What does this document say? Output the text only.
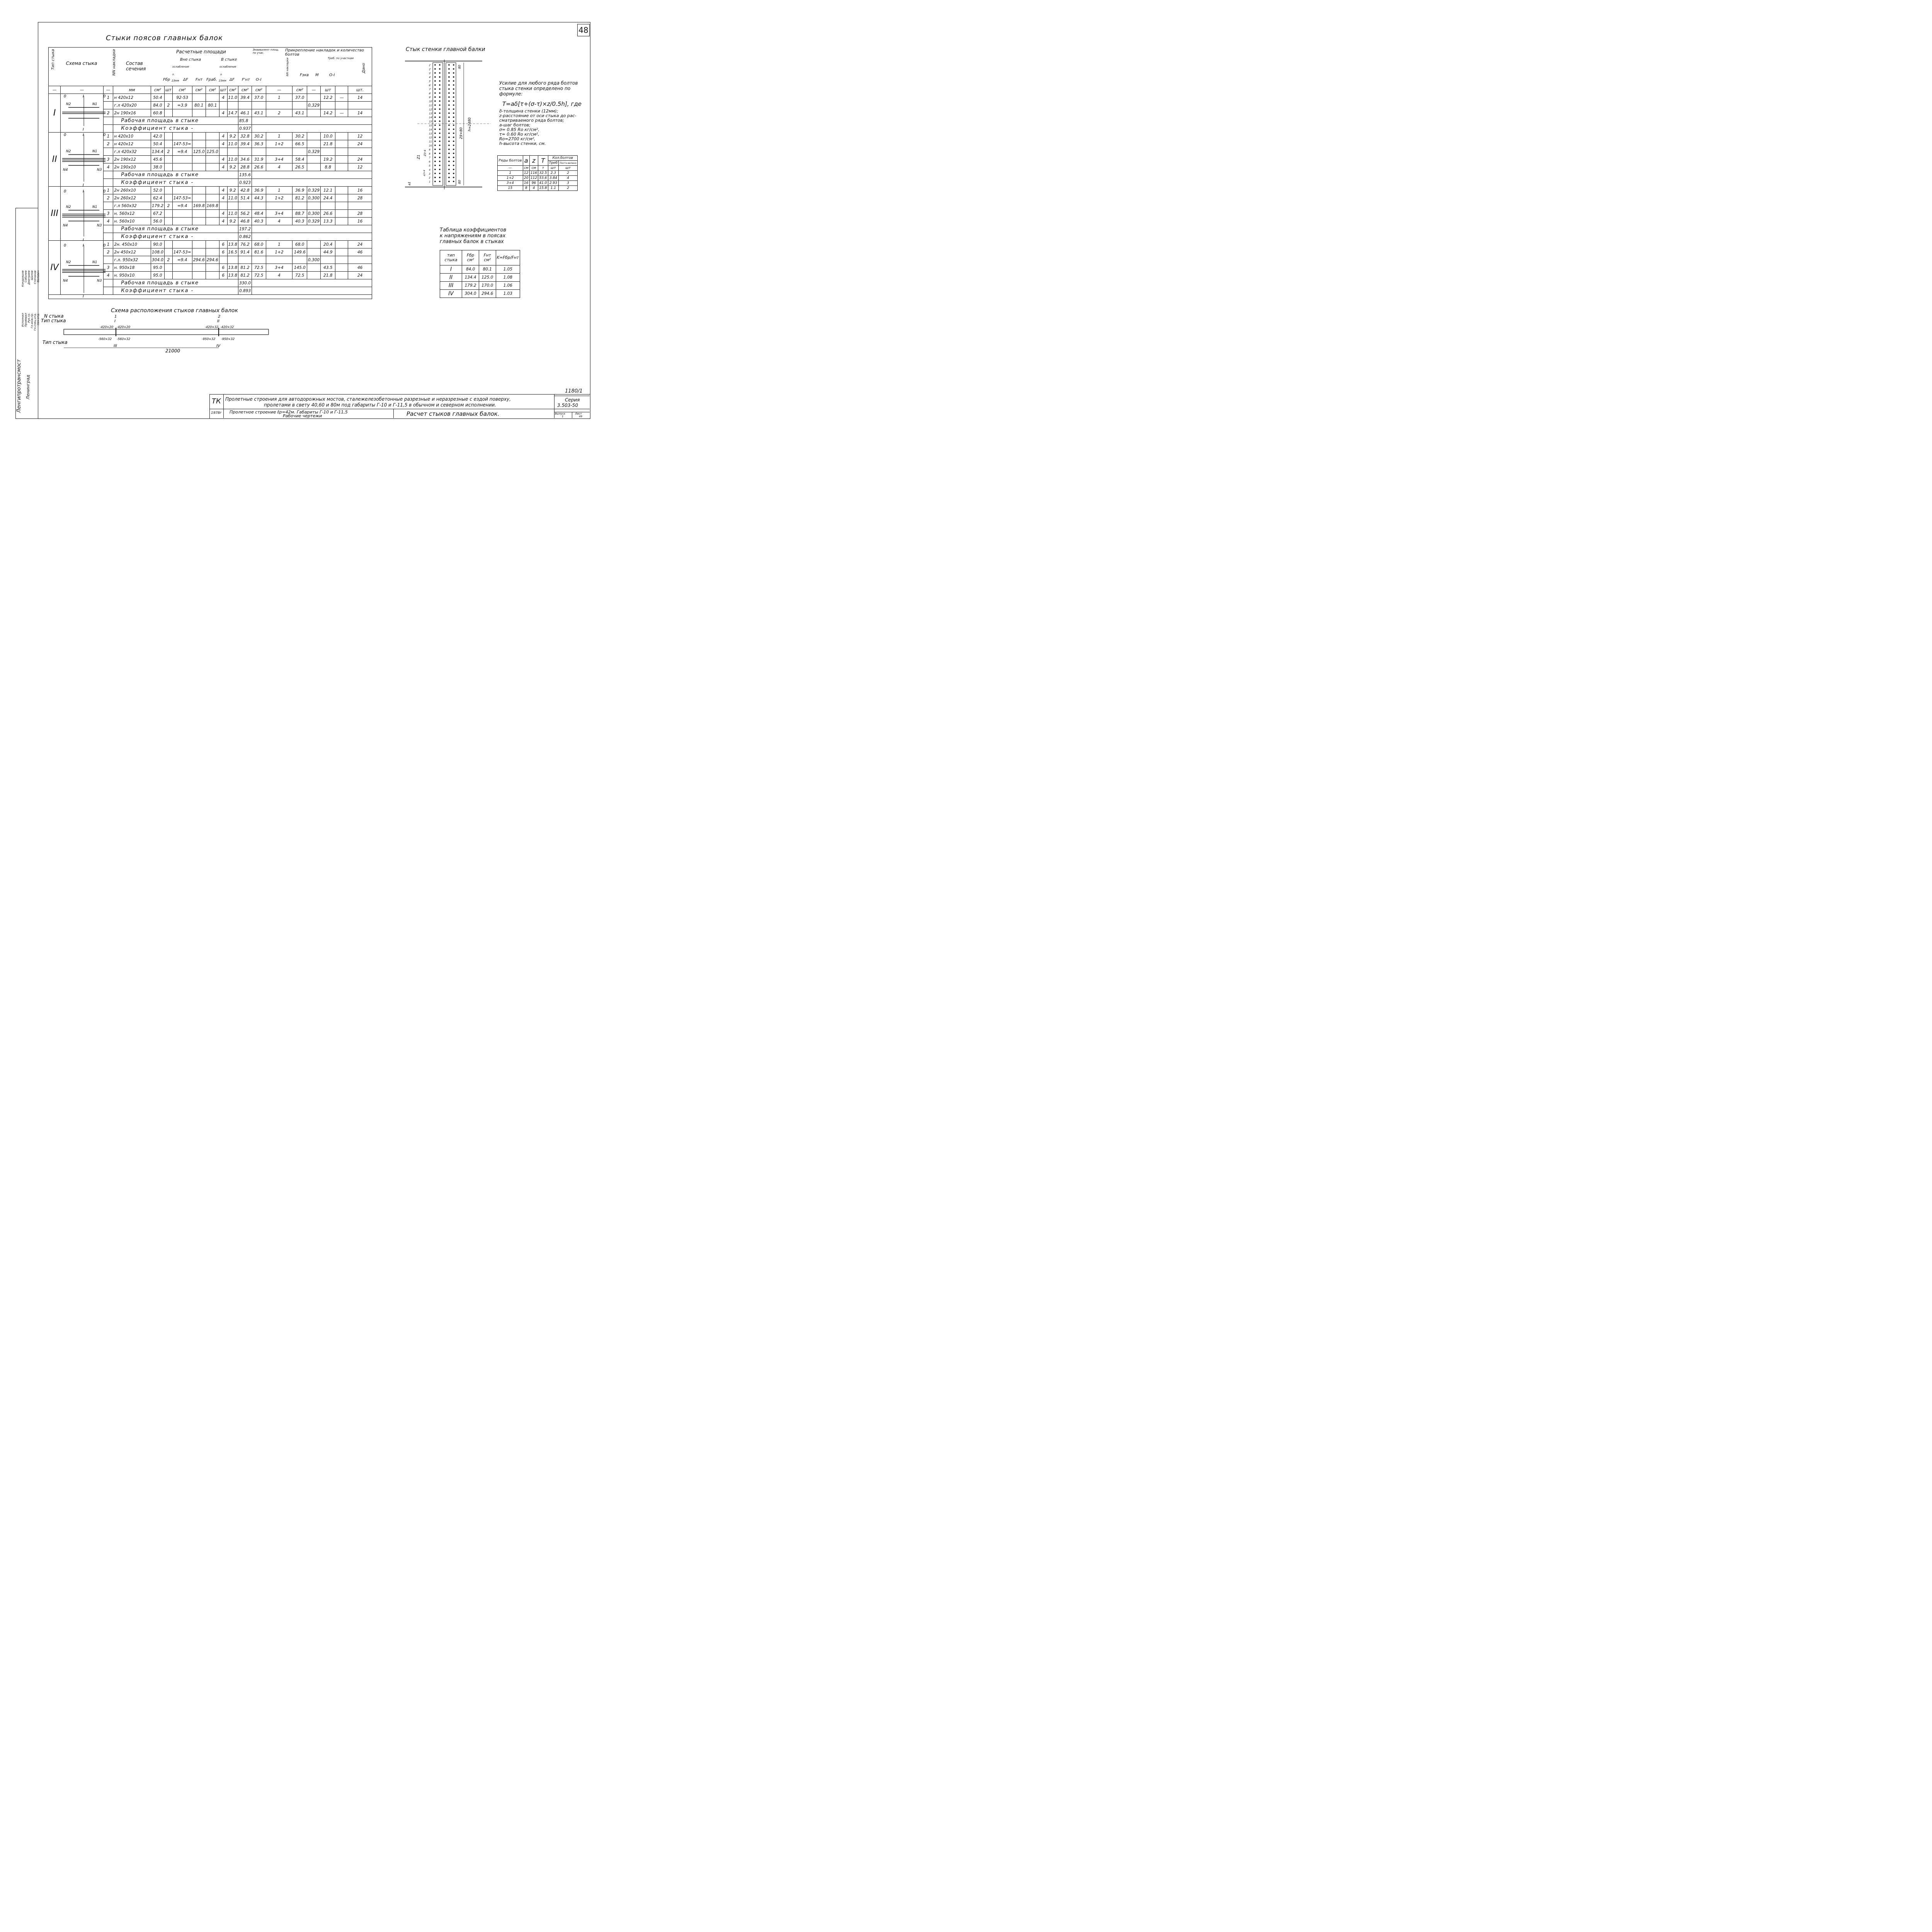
48
Стыки поясов главных балок
Стык стенки главной балки
Тип стыка	Схема стыка	NN накладки Состав сечения
Расчетные площади
Вне стыка	В стыке
ослабление	ослабление
Эквивалент площ. по учас.
Прикрепление накладок и количество болтов
NN накладки	Треб. по участкам
Дано
Fбр
n
23мм ΔF Fнт Fраб.
n
23мм ΔF F'нт O-I
Fэкв M	O-I
—	—	—	мм	см²	шт	см²	см²	см²	шт	см²	см²	см²	—	см²	—	шт		шт.
I		1	н 420x12	50.4		92-53			4	11.0	39.4	37.0	1	37.0		12.2	—	14
			г.л 420x20	84.0	2	=3.9	80.1	80.1							0.329			
		2	2н 190x16	60.8					4	14.7	46.1	43.1	2	43.1		14.2	—	14
			Рабочая площадь в стыке								85.8							
			Коэффициент стыка -								0.937							
II		1	н 420x10	42.0					4	9.2	32.8	30.2	1	30.2		10.0		12
		2	н 420x12	50.4		147-53=			4	11.0	39.4	36.3	1+2	66.5		21.8		24
			г.л 420x32	134.4	2	=9.4	125.0	125.0							0.329			
		3	2н 190x12	45.6					4	11.0	34.6	31.9	3+4	58.4		19.2		24
		4	2н 190x10	38.0					4	9.2	28.8	26.6	4	26.5		8.8		12
			Рабочая площадь в стыке								135.6							
			Коэффициент стыка -								0.923							
III		1	2н 260x10	52.0					4	9.2	42.8	36.9	1	36.9	0.329	12.1		16
		2	2н 260x12	62.4		147-53=			4	11.0	51.4	44.3	1+2	81.2	0.300	24.4		28
			г.л 560x32	179.2	2	=9.4	169.8	169.8										
		3	н. 560x12	67.2					4	11.0	56.2	48.4	3+4	88.7	0.300	26.6		28
		4	н. 560x10	56.0					4	9.2	46.8	40.3	4	40.3	0.329	13.3		16
			Рабочая площадь в стыке								197.2							
			Коэффициент стыка -								0.862							
IV		1	2н. 450x10	90.0					6	13.8	76.2	68.0	1	68.0		20.4		24
		2	2н 450x12	108.0		147-53=			6	16.5	91.4	81.6	1+2	149.6		44.9		46
			г.л. 950x32	304.0	2	=9.4	294.6	294.6							0.300			
		3	н. 950x18	95.0					6	13.8	81.2	72.5	3+4	145.0		43.5		46
		4	н. 950x10	95.0					6	13.8	81.2	72.5	4	72.5		21.8		24
			Рабочая площадь в стыке								330.0							
			Коэффициент стыка -								0.893							
0	0
I
I
N1
N2
0	0
I
I
N1
N2
N3
N4
0	0
I
I
N1
N2
N3
N4
0	0
I
I
N1
N2
N3
N4
1'
2'
3'
4'
5'
6'
7'
8'
9'
10'
11'
12'
13'
14'
15'
15
14
13
12
11
10
9
8
7
6
5
4
3
2
1
80
80
29×80
h=2480
Z1
Z3-4
a1
a3+4
Усилие для любого ряда болтов
стыка стенки определено по формуле:
T=aδ[τ+(σ-τ)×z/0.5h], где
δ-толщина стенки (12мм);
z-расстояние от оси стыка до рас-
сматриваемого ряда болтов;
a-шаг болтов;
σ= 0.85 Ro кг/см²,
τ= 0.60 Ro кг/см²,
Ro=2700 кг/см²,
h-высота стенки, см.
Ряды болтов	a	z	T	Кол.болтов	
				Треб	Поста вилено
—	см	см	т	шт	шт
1	12	116	32.5	2.3	2
1+2	20	112	53.6	3.84	4
3+4	16	96	41.0	2.93	3
15	8	4	15.8	1.1	2
Таблица коэффициентов
к напряжениям в поясах
главных балок в стыках
тип стыка	Fбр см²	Fнт см²	K=Fбр/Fнт
I	84.0	80.1	1.05
II	134.4	125.0	1.08
III	179.2	170.0	1.06
IV	304.0	294.6	1.03
Схема расположения стыков главных балок
N стыка
Тип стыка
Тип стыка
1
I
2
II
III	IV
-420×20 -420×20	-420×32 -420×32
-560×32 -560×32	-950×32 -950×32
21000
Ленгипротрансмост Ленинград
Исполнил
Кондрашов
Проверил
Соболев
Рук.гр.
Дмитриев
Гл.инж.пр.
Шилов
Гл.спец.отд.
Степанов
Нач.отд.
Волович
ТК Пролетные строения для автодорожных мостов, сталежелезобетонные разрезные и неразрезные с ездой поверху,
пролетами в свету 40,60 и 80м под габариты Г-10 и Г-11,5 в обычном и северном исполнении.
1978г Пролетное строение ℓр=42м. Габариты Г-10 и Г-11,5
Рабочие чертежи	Расчет стыков главных балок.
1180/1
Серия
3.503-50
Выпуск
1
Лист
49
